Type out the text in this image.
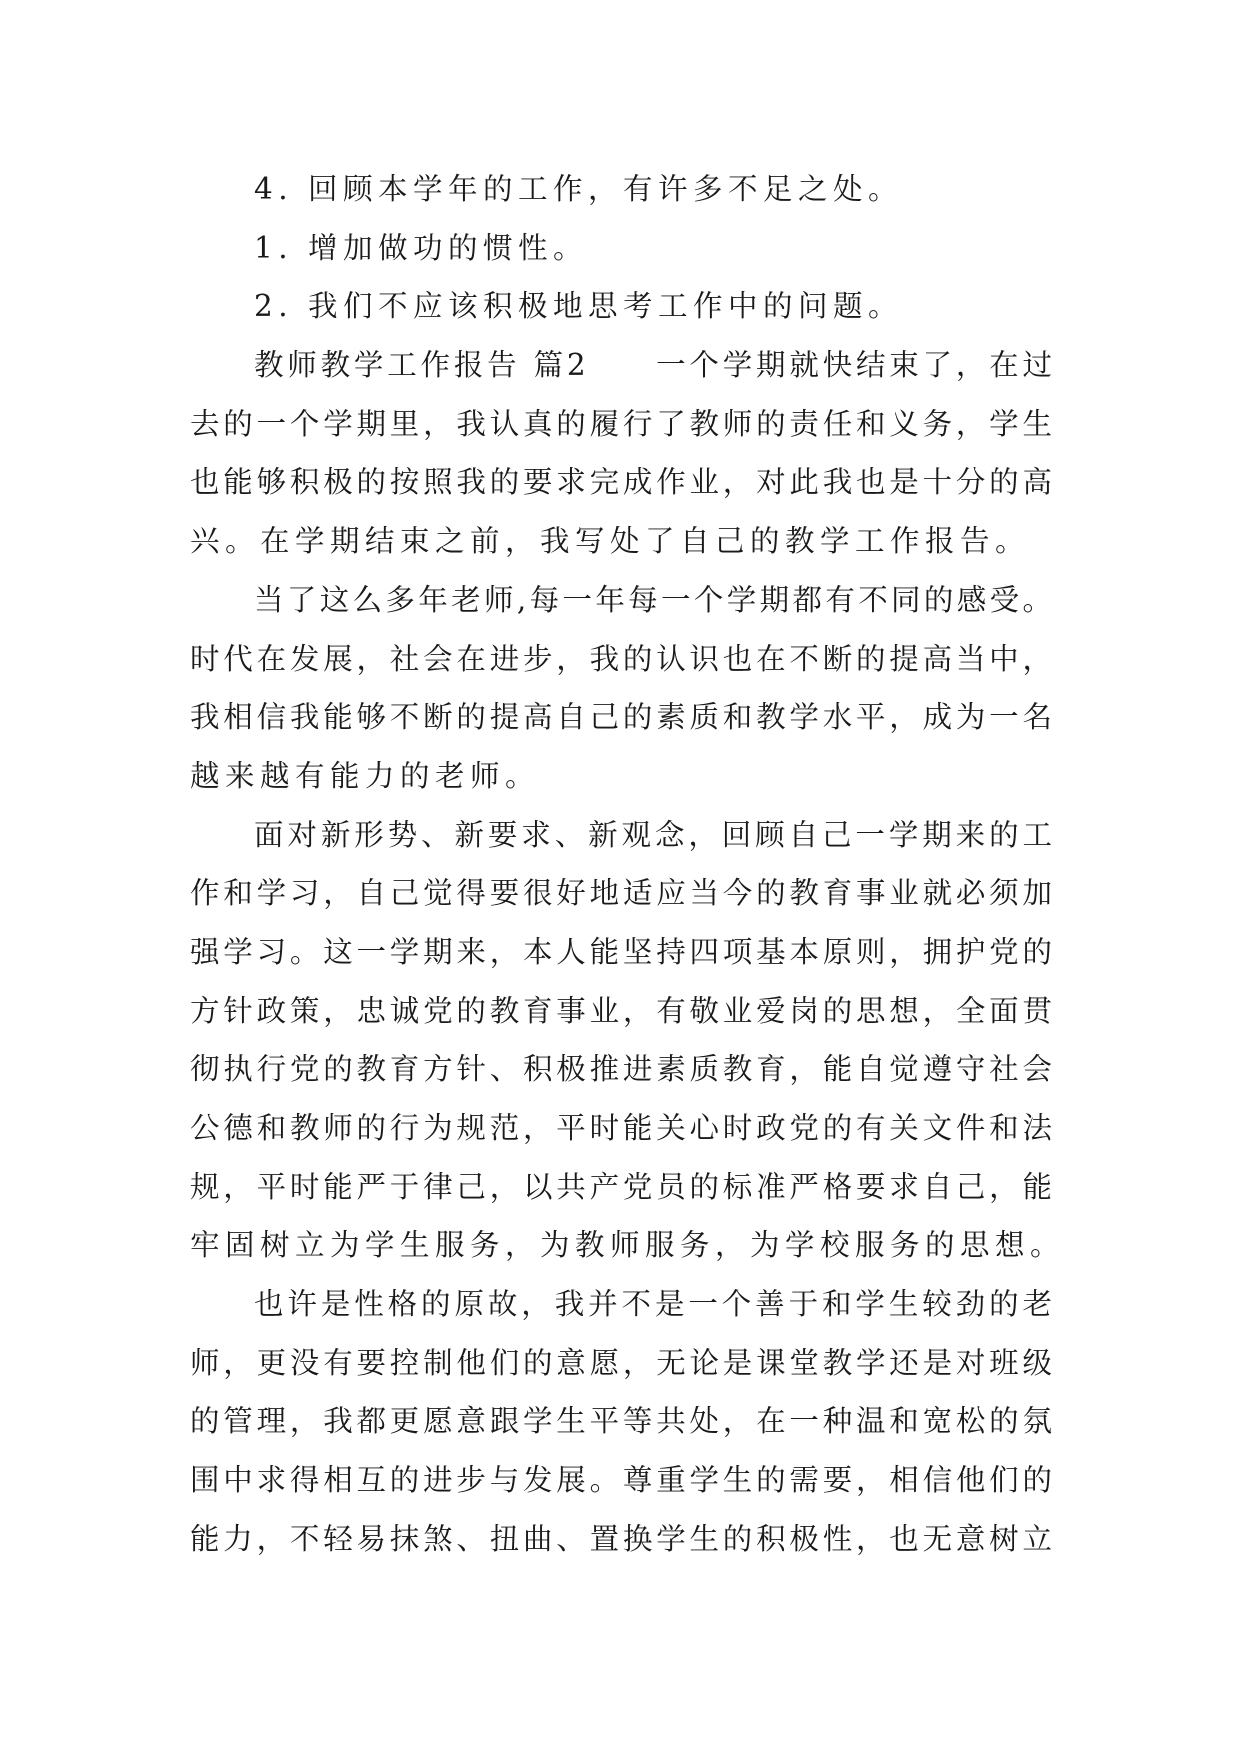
4. 回顾本学年的工作，有许多不足之处。
1. 增加做功的惯性。
2. 我们不应该积极地思考工作中的问题。
教师教学工作报告 篇2　　一个学期就快结束了，在过
去的一个学期里，我认真的履行了教师的责任和义务，学生
也能够积极的按照我的要求完成作业，对此我也是十分的高
兴。在学期结束之前，我写处了自己的教学工作报告。
当了这么多年老师,每一年每一个学期都有不同的感受。
时代在发展，社会在进步，我的认识也在不断的提高当中，
我相信我能够不断的提高自己的素质和教学水平，成为一名
越来越有能力的老师。
面对新形势、新要求、新观念，回顾自己一学期来的工
作和学习，自己觉得要很好地适应当今的教育事业就必须加
强学习。这一学期来，本人能坚持四项基本原则，拥护党的
方针政策，忠诚党的教育事业，有敬业爱岗的思想，全面贯
彻执行党的教育方针、积极推进素质教育，能自觉遵守社会
公德和教师的行为规范，平时能关心时政党的有关文件和法
规，平时能严于律己，以共产党员的标准严格要求自己，能
牢固树立为学生服务，为教师服务，为学校服务的思想。
也许是性格的原故，我并不是一个善于和学生较劲的老
师，更没有要控制他们的意愿，无论是课堂教学还是对班级
的管理，我都更愿意跟学生平等共处，在一种温和宽松的氛
围中求得相互的进步与发展。尊重学生的需要，相信他们的
能力，不轻易抹煞、扭曲、置换学生的积极性，也无意树立
